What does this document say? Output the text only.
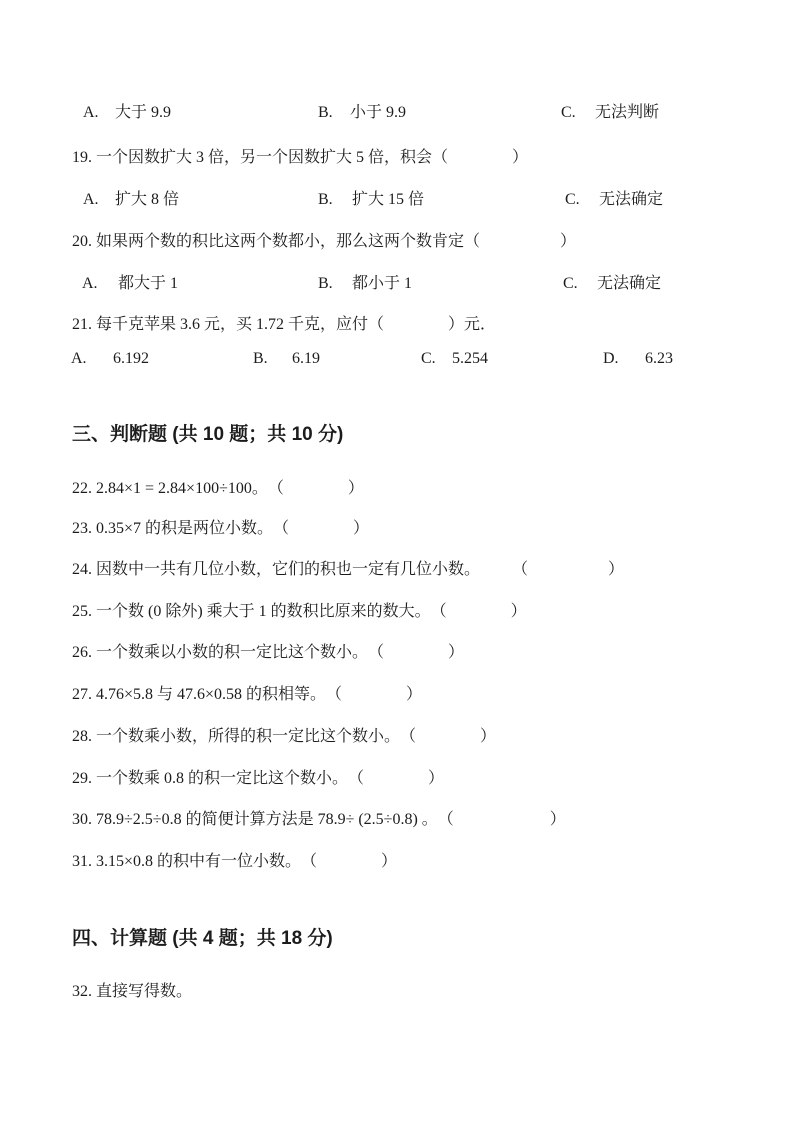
A.

大于 9.9

	B.

小于 9.9

	C.

无法判断

19. 一个因数扩大 3 倍，另一个因数扩大 5 倍，积会（　　　　）

A.

扩大 8 倍

	B.

扩大 15 倍

	C.

无法确定

20. 如果两个数的积比这两个数都小，那么这两个数肯定（　　　　　）

A.

都大于 1

	B.

都小于 1

	C.

无法确定

21. 每千克苹果 3.6 元，买 1.72 千克，应付（　　　　）元．

A.

6.192

	B.

6.19

	C.

5.254

	D.

6.23

三、判断题 (共 10 题；共 10 分)
22. 2.84×1 = 2.84×100÷100。　（　　　　）
23. 0.35×7 的积是两位小数。　（　　　　）
24. 因数中一共有几位小数，它们的积也一定有几位小数。　　　（　　　　　）
25. 一个数 (0 除外) 乘大于 1 的数积比原来的数大。　（　　　　）
26. 一个数乘以小数的积一定比这个数小。　（　　　　）
27. 4.76×5.8 与 47.6×0.58 的积相等。　（　　　　）
28. 一个数乘小数，所得的积一定比这个数小。　（　　　　）
29. 一个数乘 0.8 的积一定比这个数小。　（　　　　）
30. 78.9÷2.5÷0.8 的简便计算方法是 78.9÷ (2.5÷0.8) 。　（　　　　　　）
31. 3.15×0.8 的积中有一位小数。　（　　　　）
四、计算题 (共 4 题；共 18 分)
32. 直接写得数。
